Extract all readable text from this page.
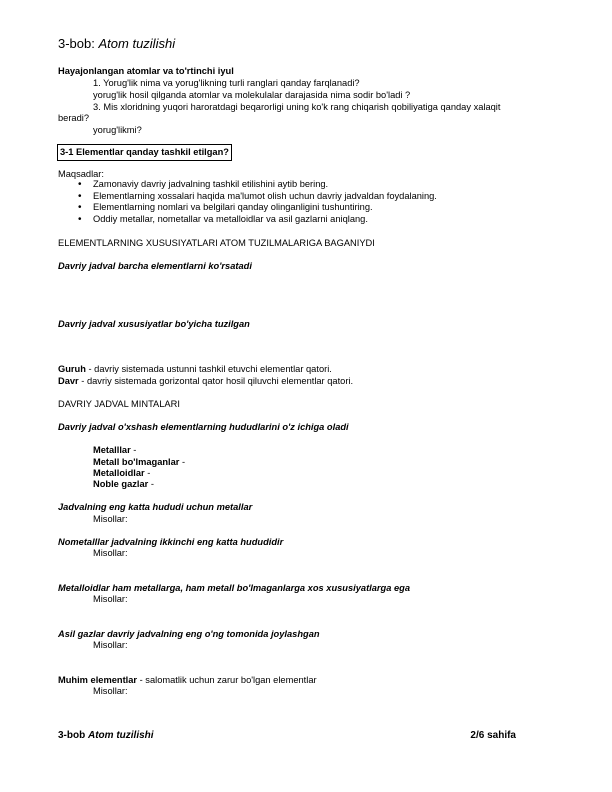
3-bob: Atom tuzilishi
Hayajonlangan atomlar va to'rtinchi iyul
1. Yorug'lik nima va yorug'likning turli ranglari qanday farqlanadi?
yorug'lik hosil qilganda atomlar va molekulalar darajasida nima sodir bo'ladi ?
3. Mis xloridning yuqori haroratdagi beqarorligi uning ko'k rang chiqarish qobiliyatiga qanday xalaqit
beradi?
yorug'likmi?
3-1 Elementlar qanday tashkil etilgan?
Maqsadlar:
• Zamonaviy davriy jadvalning tashkil etilishini aytib bering.
• Elementlarning xossalari haqida ma'lumot olish uchun davriy jadvaldan foydalaning.
• Elementlarning nomlari va belgilari qanday olinganligini tushuntiring.
• Oddiy metallar, nometallar va metalloidlar va asil gazlarni aniqlang.
ELEMENTLARNING XUSUSIYATLARI ATOM TUZILMALARIGA BAGANIYDI
Davriy jadval barcha elementlarni ko'rsatadi
Davriy jadval xususiyatlar bo'yicha tuzilgan
Guruh - davriy sistemada ustunni tashkil etuvchi elementlar qatori.
Davr - davriy sistemada gorizontal qator hosil qiluvchi elementlar qatori.
DAVRIY JADVAL MINTALARI
Davriy jadval o'xshash elementlarning hududlarini o'z ichiga oladi
Metalllar -
Metall bo'lmaganlar -
Metalloidlar -
Noble gazlar -
Jadvalning eng katta hududi uchun metallar
Misollar:
Nometalllar jadvalning ikkinchi eng katta hududidir
Misollar:
Metalloidlar ham metallarga, ham metall bo'lmaganlarga xos xususiyatlarga ega
Misollar:
Asil gazlar davriy jadvalning eng o'ng tomonida joylashgan
Misollar:
Muhim elementlar - salomatlik uchun zarur bo'lgan elementlar
Misollar:
3-bob Atom tuzilishi	2/6 sahifa
